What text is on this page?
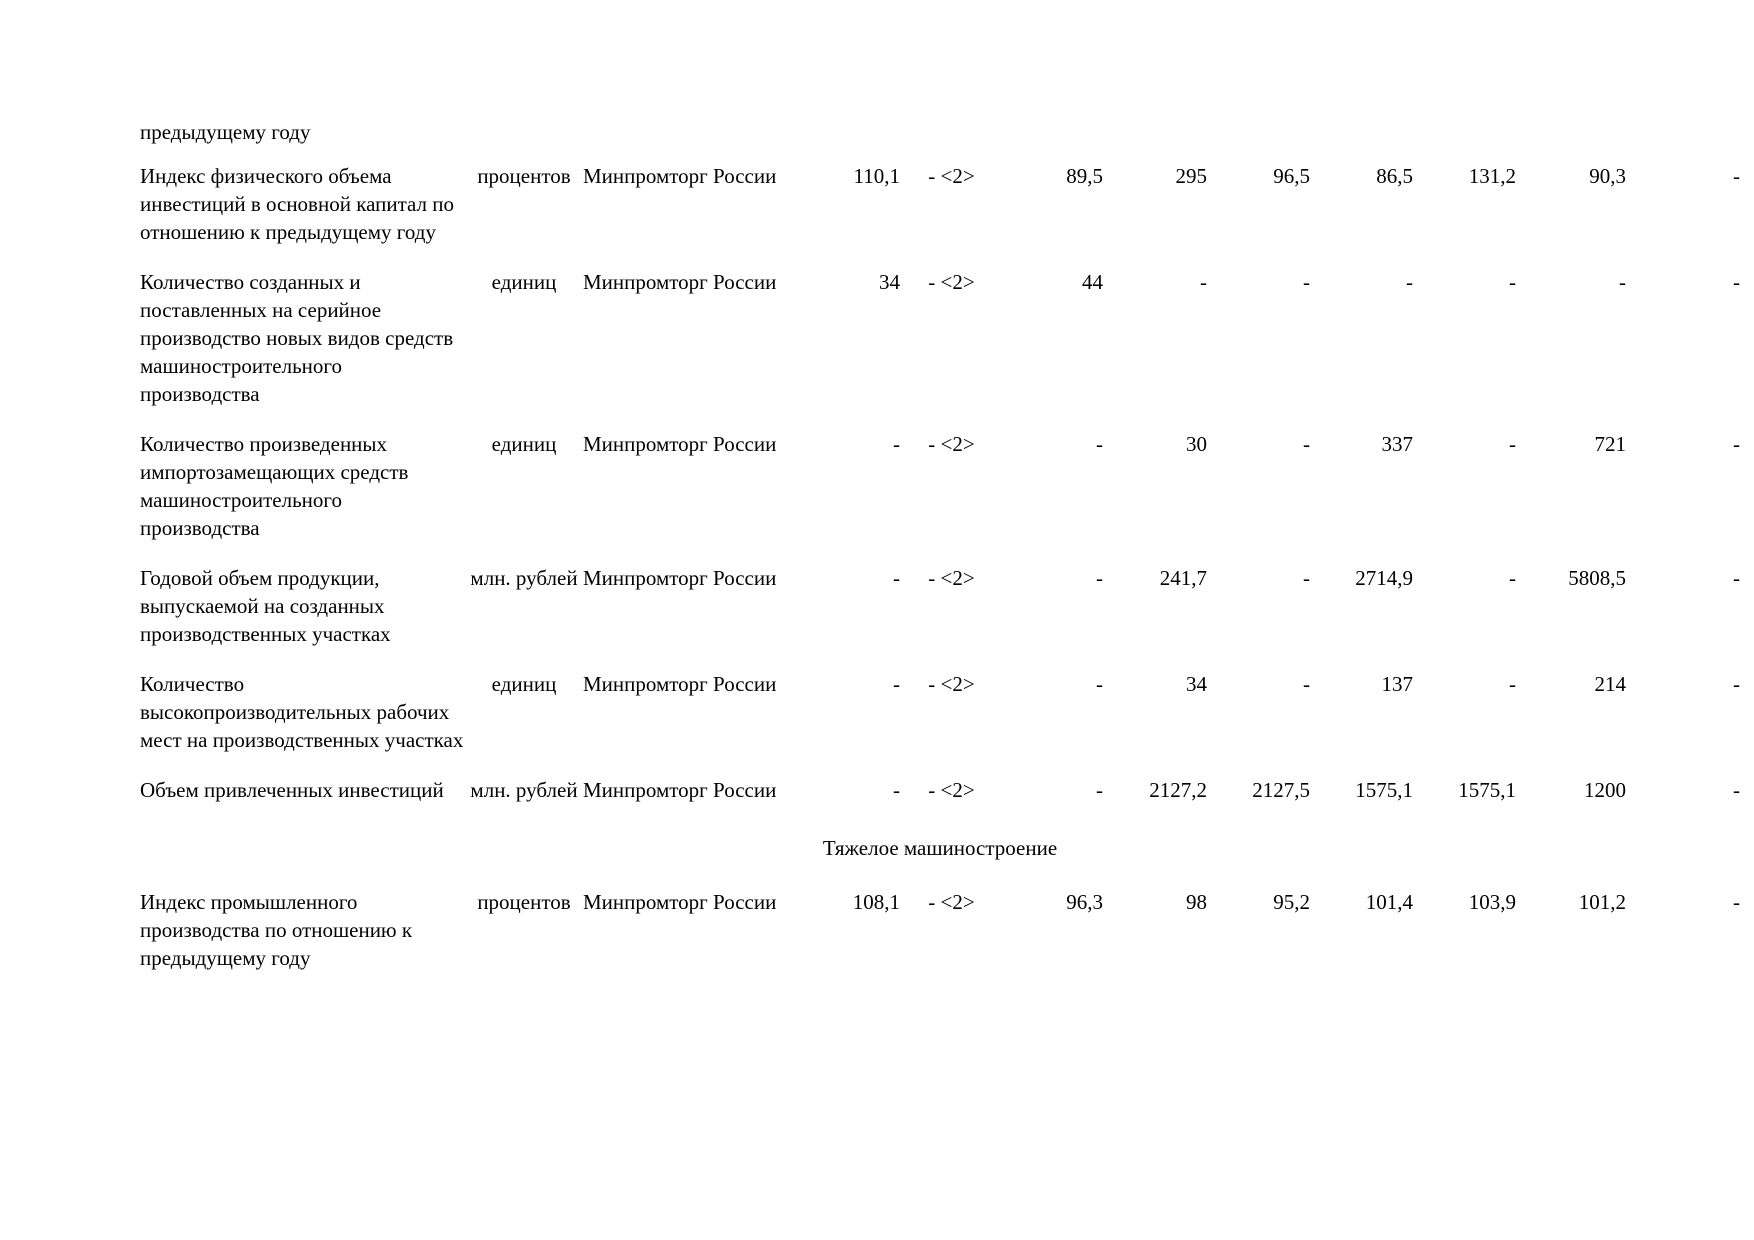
предыдущему году
Индекс физического объема инвестиций в основной капитал по отношению к предыдущему году	процентов	Минпромторг России	110,1	- <2>	89,5	295	96,5	86,5	131,2	90,3	-
Количество созданных и поставленных на серийное производство новых видов средств машиностроительного производства	единиц	Минпромторг России	34	- <2>	44	-	-	-	-	-	-
Количество произведенных импортозамещающих средств машиностроительного производства	единиц	Минпромторг России	-	- <2>	-	30	-	337	-	721	-
Годовой объем продукции, выпускаемой на созданных производственных участках	млн. рублей	Минпромторг России	-	- <2>	-	241,7	-	2714,9	-	5808,5	-
Количество высокопроизводительных рабочих мест на производственных участках	единиц	Минпромторг России	-	- <2>	-	34	-	137	-	214	-
Объем привлеченных инвестиций	млн. рублей	Минпромторг России	-	- <2>	-	2127,2	2127,5	1575,1	1575,1	1200	-
Тяжелое машиностроение											
Индекс промышленного производства по отношению к предыдущему году	процентов	Минпромторг России	108,1	- <2>	96,3	98	95,2	101,4	103,9	101,2	-
